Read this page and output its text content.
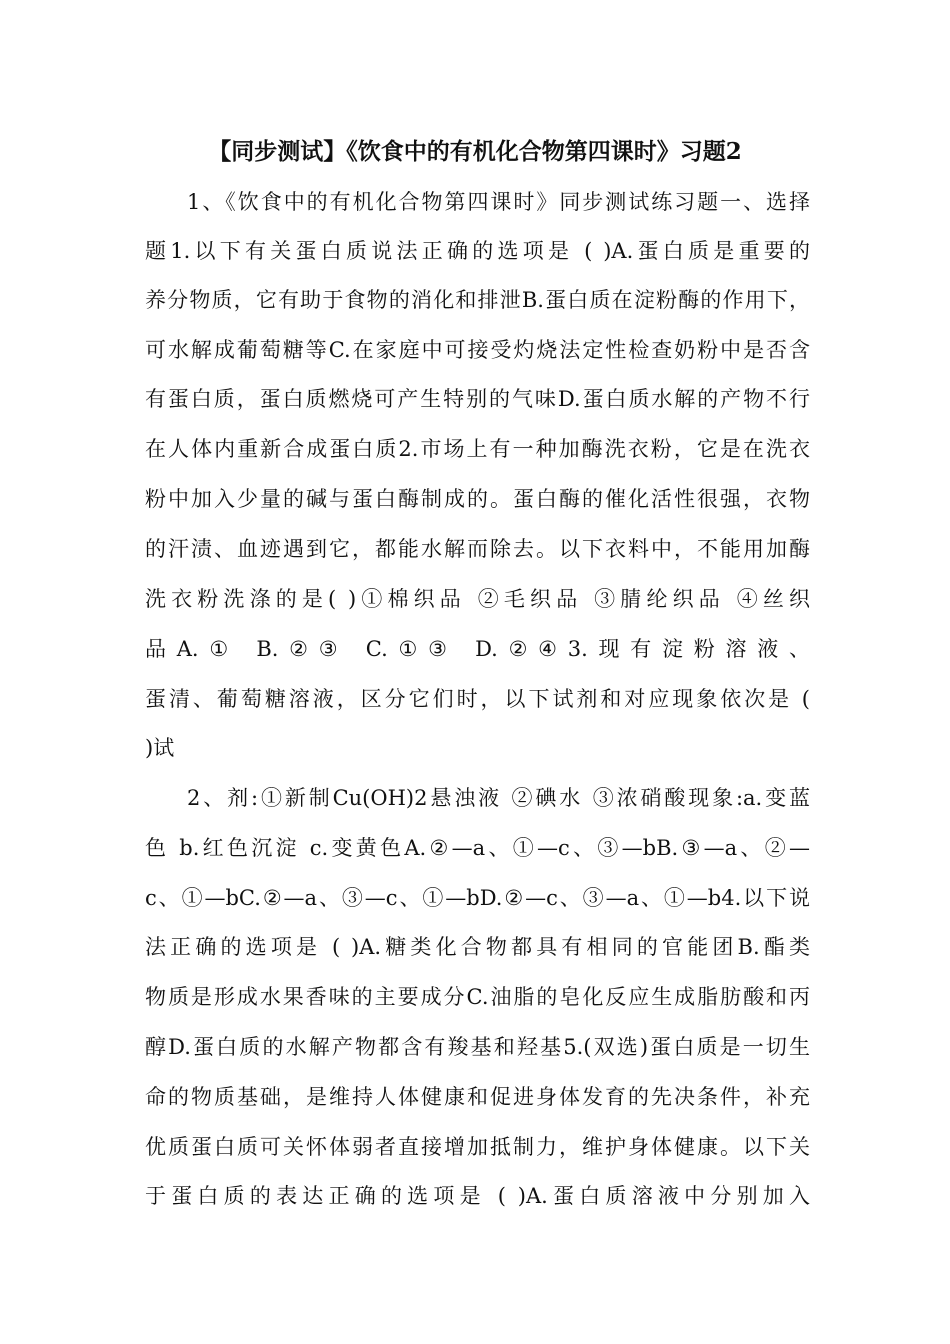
【同步测试】《饮食中的有机化合物第四课时》习题2
1、《饮食中的有机化合物第四课时》同步测试练习题一、选择
题1.以下有关蛋白质说法正确的选项是 ( )A.蛋白质是重要的
养分物质，它有助于食物的消化和排泄B.蛋白质在淀粉酶的作用下，
可水解成葡萄糖等C.在家庭中可接受灼烧法定性检查奶粉中是否含
有蛋白质，蛋白质燃烧可产生特别的气味D.蛋白质水解的产物不行
在人体内重新合成蛋白质2.市场上有一种加酶洗衣粉，它是在洗衣
粉中加入少量的碱与蛋白酶制成的。蛋白酶的催化活性很强，衣物
的汗渍、血迹遇到它，都能水解而除去。以下衣料中，不能用加酶
洗衣粉洗涤的是( )①棉织品 ②毛织品 ③腈纶织品 ④丝织
品A.① B.②③ C.①③ D.②④3.现有淀粉溶液、
蛋清、葡萄糖溶液，区分它们时，以下试剂和对应现象依次是 (
)试
2、剂:①新制Cu(OH)2悬浊液 ②碘水 ③浓硝酸现象:a.变蓝
色 b.红色沉淀 c.变黄色A.②—a、①—c、③—bB.③—a、②—
c、①—bC.②—a、③—c、①—bD.②—c、③—a、①—b4.以下说
法正确的选项是 ( )A.糖类化合物都具有相同的官能团B.酯类
物质是形成水果香味的主要成分C.油脂的皂化反应生成脂肪酸和丙
醇D.蛋白质的水解产物都含有羧基和羟基5.(双选)蛋白质是一切生
命的物质基础，是维持人体健康和促进身体发育的先决条件，补充
优质蛋白质可关怀体弱者直接增加抵制力，维护身体健康。以下关
于蛋白质的表达正确的选项是 ( )A.蛋白质溶液中分别加入
